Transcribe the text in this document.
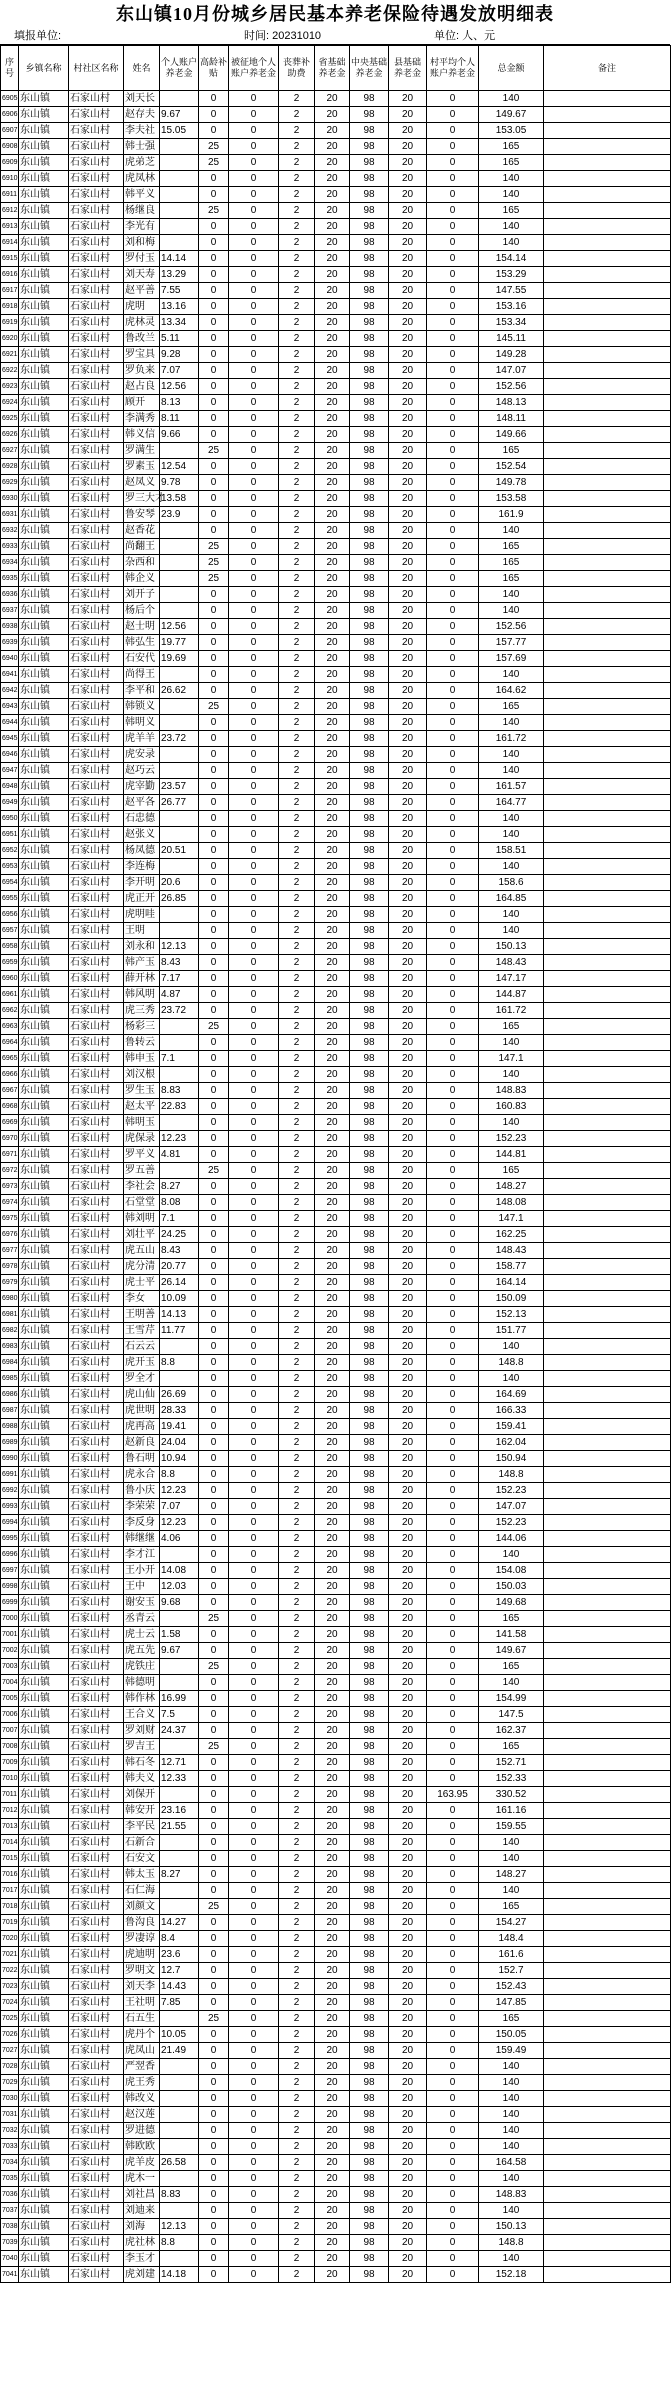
东山镇10月份城乡居民基本养老保险待遇发放明细表
填报单位:	时间: 20231010	单位: 人、元
序号	乡镇名称	村社区名称	姓名	个人账户养老金	高龄补贴	被征地个人账户养老金	丧葬补助费	省基础养老金	中央基础养老金	县基础养老金	村平均个人账户养老金	总金额	备注
6905	东山镇	石家山村	刘天长		0	0	2	20	98	20	0	140	
6906	东山镇	石家山村	赵存夫	9.67	0	0	2	20	98	20	0	149.67	
6907	东山镇	石家山村	李夫社	15.05	0	0	2	20	98	20	0	153.05	
6908	东山镇	石家山村	韩士强		25	0	2	20	98	20	0	165	
6909	东山镇	石家山村	虎弟芝		25	0	2	20	98	20	0	165	
6910	东山镇	石家山村	虎凤林		0	0	2	20	98	20	0	140	
6911	东山镇	石家山村	韩平义		0	0	2	20	98	20	0	140	
6912	东山镇	石家山村	杨继良		25	0	2	20	98	20	0	165	
6913	东山镇	石家山村	李光有		0	0	2	20	98	20	0	140	
6914	东山镇	石家山村	刘和梅		0	0	2	20	98	20	0	140	
6915	东山镇	石家山村	罗付玉	14.14	0	0	2	20	98	20	0	154.14	
6916	东山镇	石家山村	刘天寿	13.29	0	0	2	20	98	20	0	153.29	
6917	东山镇	石家山村	赵平善	7.55	0	0	2	20	98	20	0	147.55	
6918	东山镇	石家山村	虎明	13.16	0	0	2	20	98	20	0	153.16	
6919	东山镇	石家山村	虎林灵	13.34	0	0	2	20	98	20	0	153.34	
6920	东山镇	石家山村	鲁改兰	5.11	0	0	2	20	98	20	0	145.11	
6921	东山镇	石家山村	罗宝具	9.28	0	0	2	20	98	20	0	149.28	
6922	东山镇	石家山村	罗负来	7.07	0	0	2	20	98	20	0	147.07	
6923	东山镇	石家山村	赵占良	12.56	0	0	2	20	98	20	0	152.56	
6924	东山镇	石家山村	顾开	8.13	0	0	2	20	98	20	0	148.13	
6925	东山镇	石家山村	李满秀	8.11	0	0	2	20	98	20	0	148.11	
6926	东山镇	石家山村	韩义信	9.66	0	0	2	20	98	20	0	149.66	
6927	东山镇	石家山村	罗满生		25	0	2	20	98	20	0	165	
6928	东山镇	石家山村	罗素玉	12.54	0	0	2	20	98	20	0	152.54	
6929	东山镇	石家山村	赵凤义	9.78	0	0	2	20	98	20	0	149.78	
6930	东山镇	石家山村	罗三大才	13.58	0	0	2	20	98	20	0	153.58	
6931	东山镇	石家山村	鲁安琴	23.9	0	0	2	20	98	20	0	161.9	
6932	东山镇	石家山村	赵香花		0	0	2	20	98	20	0	140	
6933	东山镇	石家山村	尚翻王		25	0	2	20	98	20	0	165	
6934	东山镇	石家山村	杂西和		25	0	2	20	98	20	0	165	
6935	东山镇	石家山村	韩企义		25	0	2	20	98	20	0	165	
6936	东山镇	石家山村	刘开子		0	0	2	20	98	20	0	140	
6937	东山镇	石家山村	杨后个		0	0	2	20	98	20	0	140	
6938	东山镇	石家山村	赵士明	12.56	0	0	2	20	98	20	0	152.56	
6939	东山镇	石家山村	韩弘生	19.77	0	0	2	20	98	20	0	157.77	
6940	东山镇	石家山村	石安代	19.69	0	0	2	20	98	20	0	157.69	
6941	东山镇	石家山村	尚得王		0	0	2	20	98	20	0	140	
6942	东山镇	石家山村	李平和	26.62	0	0	2	20	98	20	0	164.62	
6943	东山镇	石家山村	韩锁义		25	0	2	20	98	20	0	165	
6944	东山镇	石家山村	韩明义		0	0	2	20	98	20	0	140	
6945	东山镇	石家山村	虎羊羊	23.72	0	0	2	20	98	20	0	161.72	
6946	东山镇	石家山村	虎安录		0	0	2	20	98	20	0	140	
6947	东山镇	石家山村	赵巧云		0	0	2	20	98	20	0	140	
6948	东山镇	石家山村	虎宰勤	23.57	0	0	2	20	98	20	0	161.57	
6949	东山镇	石家山村	赵平各	26.77	0	0	2	20	98	20	0	164.77	
6950	东山镇	石家山村	石忠德		0	0	2	20	98	20	0	140	
6951	东山镇	石家山村	赵张义		0	0	2	20	98	20	0	140	
6952	东山镇	石家山村	杨凤德	20.51	0	0	2	20	98	20	0	158.51	
6953	东山镇	石家山村	李连梅		0	0	2	20	98	20	0	140	
6954	东山镇	石家山村	李开明	20.6	0	0	2	20	98	20	0	158.6	
6955	东山镇	石家山村	虎正开	26.85	0	0	2	20	98	20	0	164.85	
6956	东山镇	石家山村	虎明哇		0	0	2	20	98	20	0	140	
6957	东山镇	石家山村	王明		0	0	2	20	98	20	0	140	
6958	东山镇	石家山村	刘永和	12.13	0	0	2	20	98	20	0	150.13	
6959	东山镇	石家山村	韩产玉	8.43	0	0	2	20	98	20	0	148.43	
6960	东山镇	石家山村	薛开林	7.17	0	0	2	20	98	20	0	147.17	
6961	东山镇	石家山村	韩风明	4.87	0	0	2	20	98	20	0	144.87	
6962	东山镇	石家山村	虎三秀	23.72	0	0	2	20	98	20	0	161.72	
6963	东山镇	石家山村	杨彩三		25	0	2	20	98	20	0	165	
6964	东山镇	石家山村	鲁转云		0	0	2	20	98	20	0	140	
6965	东山镇	石家山村	韩申玉	7.1	0	0	2	20	98	20	0	147.1	
6966	东山镇	石家山村	刘汉根		0	0	2	20	98	20	0	140	
6967	东山镇	石家山村	罗生玉	8.83	0	0	2	20	98	20	0	148.83	
6968	东山镇	石家山村	赵太平	22.83	0	0	2	20	98	20	0	160.83	
6969	东山镇	石家山村	韩明玉		0	0	2	20	98	20	0	140	
6970	东山镇	石家山村	虎保录	12.23	0	0	2	20	98	20	0	152.23	
6971	东山镇	石家山村	罗平义	4.81	0	0	2	20	98	20	0	144.81	
6972	东山镇	石家山村	罗五善		25	0	2	20	98	20	0	165	
6973	东山镇	石家山村	李社会	8.27	0	0	2	20	98	20	0	148.27	
6974	东山镇	石家山村	石堂堂	8.08	0	0	2	20	98	20	0	148.08	
6975	东山镇	石家山村	韩刘明	7.1	0	0	2	20	98	20	0	147.1	
6976	东山镇	石家山村	刘壮平	24.25	0	0	2	20	98	20	0	162.25	
6977	东山镇	石家山村	虎五山	8.43	0	0	2	20	98	20	0	148.43	
6978	东山镇	石家山村	虎分清	20.77	0	0	2	20	98	20	0	158.77	
6979	东山镇	石家山村	虎士平	26.14	0	0	2	20	98	20	0	164.14	
6980	东山镇	石家山村	李女	10.09	0	0	2	20	98	20	0	150.09	
6981	东山镇	石家山村	王明善	14.13	0	0	2	20	98	20	0	152.13	
6982	东山镇	石家山村	王雪芹	11.77	0	0	2	20	98	20	0	151.77	
6983	东山镇	石家山村	石云云		0	0	2	20	98	20	0	140	
6984	东山镇	石家山村	虎开玉	8.8	0	0	2	20	98	20	0	148.8	
6985	东山镇	石家山村	罗全才		0	0	2	20	98	20	0	140	
6986	东山镇	石家山村	虎山仙	26.69	0	0	2	20	98	20	0	164.69	
6987	东山镇	石家山村	虎世明	28.33	0	0	2	20	98	20	0	166.33	
6988	东山镇	石家山村	虎再高	19.41	0	0	2	20	98	20	0	159.41	
6989	东山镇	石家山村	赵新良	24.04	0	0	2	20	98	20	0	162.04	
6990	东山镇	石家山村	鲁石明	10.94	0	0	2	20	98	20	0	150.94	
6991	东山镇	石家山村	虎永合	8.8	0	0	2	20	98	20	0	148.8	
6992	东山镇	石家山村	鲁小庆	12.23	0	0	2	20	98	20	0	152.23	
6993	东山镇	石家山村	李荣荣	7.07	0	0	2	20	98	20	0	147.07	
6994	东山镇	石家山村	李反身	12.23	0	0	2	20	98	20	0	152.23	
6995	东山镇	石家山村	韩继继	4.06	0	0	2	20	98	20	0	144.06	
6996	东山镇	石家山村	李才江		0	0	2	20	98	20	0	140	
6997	东山镇	石家山村	王小开	14.08	0	0	2	20	98	20	0	154.08	
6998	东山镇	石家山村	王中	12.03	0	0	2	20	98	20	0	150.03	
6999	东山镇	石家山村	谢安玉	9.68	0	0	2	20	98	20	0	149.68	
7000	东山镇	石家山村	丞青云		25	0	2	20	98	20	0	165	
7001	东山镇	石家山村	虎士云	1.58	0	0	2	20	98	20	0	141.58	
7002	东山镇	石家山村	虎五先	9.67	0	0	2	20	98	20	0	149.67	
7003	东山镇	石家山村	虎铁庄		25	0	2	20	98	20	0	165	
7004	东山镇	石家山村	韩德明		0	0	2	20	98	20	0	140	
7005	东山镇	石家山村	韩作林	16.99	0	0	2	20	98	20	0	154.99	
7006	东山镇	石家山村	王合义	7.5	0	0	2	20	98	20	0	147.5	
7007	东山镇	石家山村	罗刘财	24.37	0	0	2	20	98	20	0	162.37	
7008	东山镇	石家山村	罗吉王		25	0	2	20	98	20	0	165	
7009	东山镇	石家山村	韩石冬	12.71	0	0	2	20	98	20	0	152.71	
7010	东山镇	石家山村	韩夫义	12.33	0	0	2	20	98	20	0	152.33	
7011	东山镇	石家山村	刘保开		0	0	2	20	98	20	163.95	330.52	
7012	东山镇	石家山村	韩安开	23.16	0	0	2	20	98	20	0	161.16	
7013	东山镇	石家山村	李平民	21.55	0	0	2	20	98	20	0	159.55	
7014	东山镇	石家山村	石新合		0	0	2	20	98	20	0	140	
7015	东山镇	石家山村	石安文		0	0	2	20	98	20	0	140	
7016	东山镇	石家山村	韩太玉	8.27	0	0	2	20	98	20	0	148.27	
7017	东山镇	石家山村	石仁海		0	0	2	20	98	20	0	140	
7018	东山镇	石家山村	刘颜文		25	0	2	20	98	20	0	165	
7019	东山镇	石家山村	鲁沟良	14.27	0	0	2	20	98	20	0	154.27	
7020	东山镇	石家山村	罗凄谆	8.4	0	0	2	20	98	20	0	148.4	
7021	东山镇	石家山村	虎迪明	23.6	0	0	2	20	98	20	0	161.6	
7022	东山镇	石家山村	罗明文	12.7	0	0	2	20	98	20	0	152.7	
7023	东山镇	石家山村	刘天李	14.43	0	0	2	20	98	20	0	152.43	
7024	东山镇	石家山村	王社明	7.85	0	0	2	20	98	20	0	147.85	
7025	东山镇	石家山村	石五生		25	0	2	20	98	20	0	165	
7026	东山镇	石家山村	虎丹个	10.05	0	0	2	20	98	20	0	150.05	
7027	东山镇	石家山村	虎凤山	21.49	0	0	2	20	98	20	0	159.49	
7028	东山镇	石家山村	严翌香		0	0	2	20	98	20	0	140	
7029	东山镇	石家山村	虎王秀		0	0	2	20	98	20	0	140	
7030	东山镇	石家山村	韩改义		0	0	2	20	98	20	0	140	
7031	东山镇	石家山村	赵汉莲		0	0	2	20	98	20	0	140	
7032	东山镇	石家山村	罗进德		0	0	2	20	98	20	0	140	
7033	东山镇	石家山村	韩欧欧		0	0	2	20	98	20	0	140	
7034	东山镇	石家山村	虎羊皮	26.58	0	0	2	20	98	20	0	164.58	
7035	东山镇	石家山村	虎木一		0	0	2	20	98	20	0	140	
7036	东山镇	石家山村	刘社昌	8.83	0	0	2	20	98	20	0	148.83	
7037	东山镇	石家山村	刘迪来		0	0	2	20	98	20	0	140	
7038	东山镇	石家山村	刘海	12.13	0	0	2	20	98	20	0	150.13	
7039	东山镇	石家山村	虎社林	8.8	0	0	2	20	98	20	0	148.8	
7040	东山镇	石家山村	李玉才		0	0	2	20	98	20	0	140	
7041	东山镇	石家山村	虎刘建	14.18	0	0	2	20	98	20	0	152.18	
